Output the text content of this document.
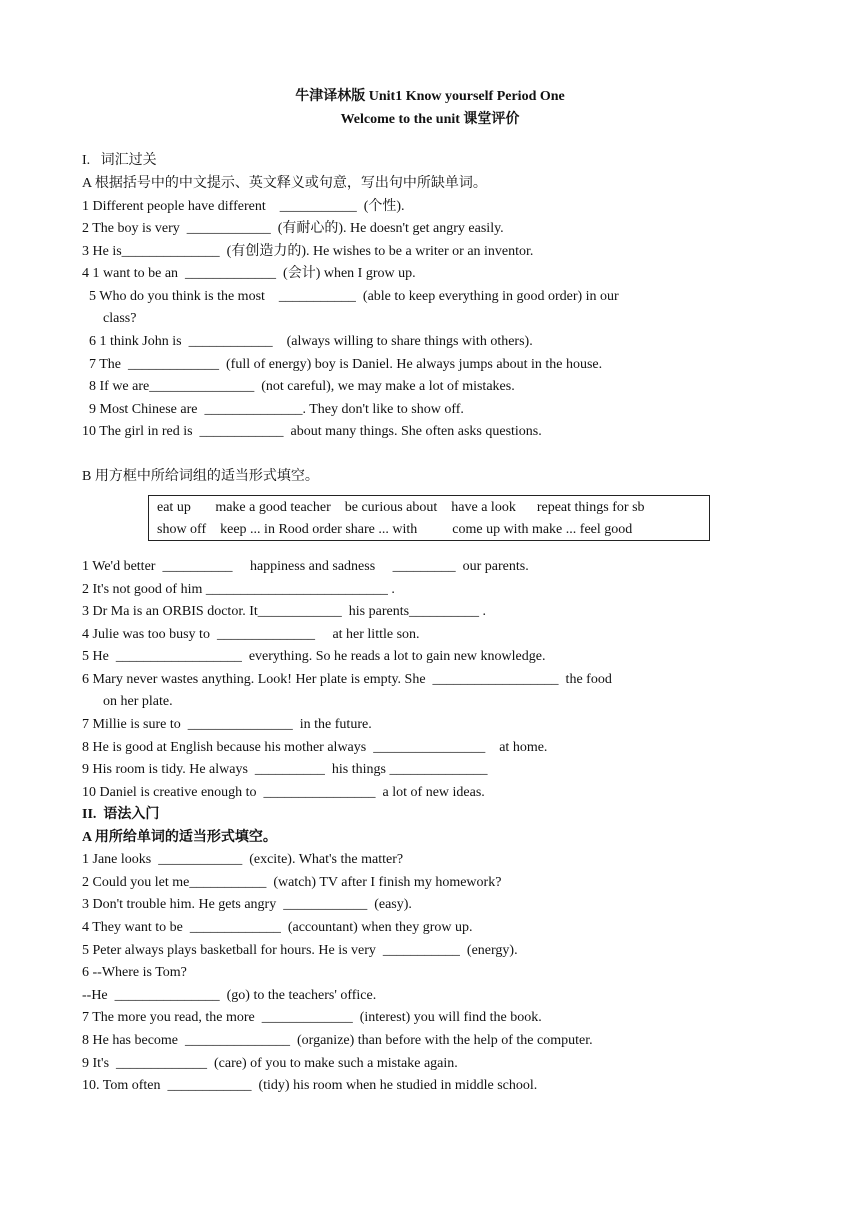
牛津译林版 Unit1 Know yourself Period One
Welcome to the unit 课堂评价
I.   词汇过关
A 根据括号中的中文提示、英文释义或句意，写出句中所缺单词。
1 Different people have different    ___________  (个性).
2 The boy is very  ____________  (有耐心的). He doesn't get angry easily.
3 He is______________  (有创造力的). He wishes to be a writer or an inventor.
4 1 want to be an  _____________  (会计) when I grow up.
5 Who do you think is the most    ___________  (able to keep everything in good order) in our
class?
6 1 think John is  ____________    (always willing to share things with others).
7 The  _____________  (full of energy) boy is Daniel. He always jumps about in the house.
8 If we are_______________  (not careful), we may make a lot of mistakes.
9 Most Chinese are  ______________. They don't like to show off.
10 The girl in red is  ____________  about many things. She often asks questions.
B 用方框中所给词组的适当形式填空。
eat up       make a good teacher    be curious about    have a look      repeat things for sb
show off    keep ... in Rood order share ... with          come up with make ... feel good
1 We'd better  __________     happiness and sadness     _________  our parents.
2 It's not good of him __________________________ .
3 Dr Ma is an ORBIS doctor. It____________  his parents__________ .
4 Julie was too busy to  ______________     at her little son.
5 He  __________________  everything. So he reads a lot to gain new knowledge.
6 Mary never wastes anything. Look! Her plate is empty. She  __________________  the food
on her plate.
7 Millie is sure to  _______________  in the future.
8 He is good at English because his mother always  ________________    at home.
9 His room is tidy. He always  __________  his things ______________
10 Daniel is creative enough to  ________________  a lot of new ideas.
II.  语法入门
A 用所给单词的适当形式填空。
1 Jane looks  ____________  (excite). What's the matter?
2 Could you let me___________  (watch) TV after I finish my homework?
3 Don't trouble him. He gets angry  ____________  (easy).
4 They want to be  _____________  (accountant) when they grow up.
5 Peter always plays basketball for hours. He is very  ___________  (energy).
6 --Where is Tom?
--He  _______________  (go) to the teachers' office.
7 The more you read, the more  _____________  (interest) you will find the book.
8 He has become  _______________  (organize) than before with the help of the computer.
9 It's  _____________  (care) of you to make such a mistake again.
10. Tom often  ____________  (tidy) his room when he studied in middle school.
